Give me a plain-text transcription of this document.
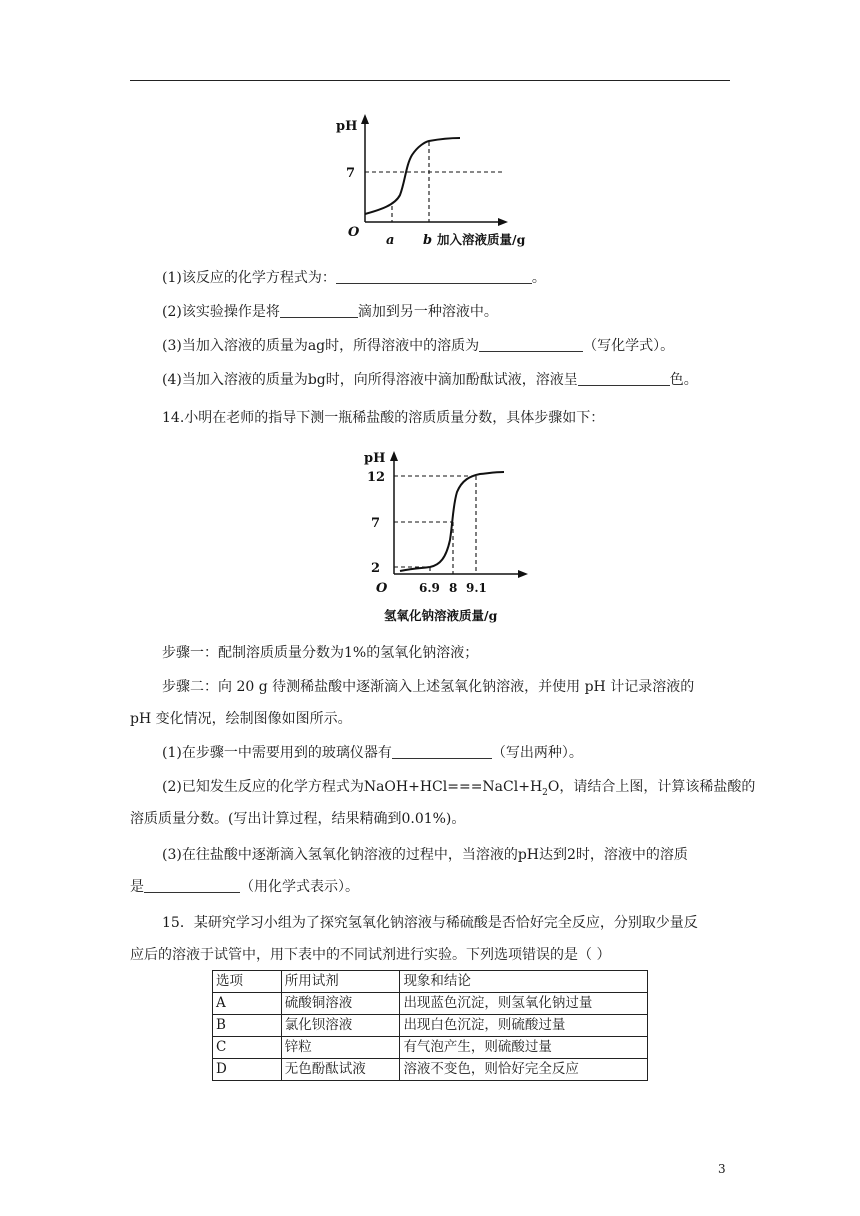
pH
7
O
a b 加入溶液质量/g
(1)该反应的化学方程式为：	。
(2)该实验操作是将	滴加到另一种溶液中。
(3)当加入溶液的质量为ag时，所得溶液中的溶质为	（写化学式）。
(4)当加入溶液的质量为bg时，向所得溶液中滴加酚酞试液，溶液呈	色。
14.小明在老师的指导下测一瓶稀盐酸的溶质质量分数，具体步骤如下：
pH
12
7
2
O	6.9 8 9.1
氢氧化钠溶液质量/g
步骤一：配制溶质质量分数为1%的氢氧化钠溶液；
步骤二：向 20 g 待测稀盐酸中逐渐滴入上述氢氧化钠溶液，并使用 pH 计记录溶液的
pH 变化情况，绘制图像如图所示。
(1)在步骤一中需要用到的玻璃仪器有	（写出两种）。
(2)已知发生反应的化学方程式为$NaOH+HCl===NaCl+H_2O$，请结合上图，计算该稀盐酸的
溶质质量分数。(写出计算过程，结果精确到0.01%)。
(3)在往盐酸中逐渐滴入氢氧化钠溶液的过程中，当溶液的pH达到2时，溶液中的溶质
是	（用化学式表示）。
15．某研究学习小组为了探究氢氧化钠溶液与稀硫酸是否恰好完全反应，分别取少量反
应后的溶液于试管中，用下表中的不同试剂进行实验。下列选项错误的是（ ）
选项	所用试剂	现象和结论
A	硫酸铜溶液	出现蓝色沉淀，则氢氧化钠过量
B	氯化钡溶液	出现白色沉淀，则硫酸过量
C	锌粒	有气泡产生，则硫酸过量
D	无色酚酞试液	溶液不变色，则恰好完全反应
3
